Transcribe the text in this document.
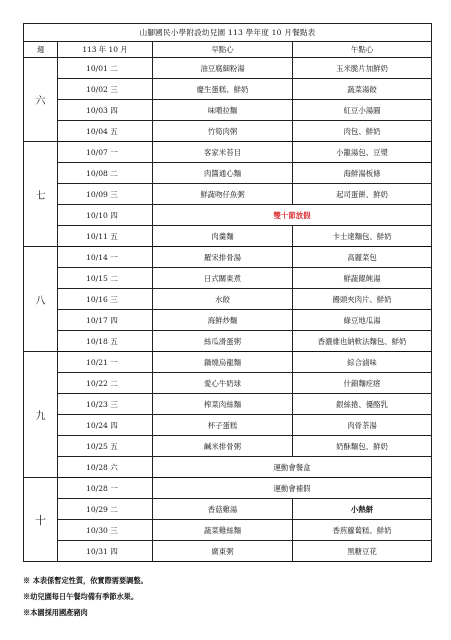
山腳國民小學附設幼兒園 113 學年度 10 月餐點表			
週	113 年 10 月	早點心	午點心
六	10/01 二	油豆腐細粉湯	玉米脆片加鮮奶
	10/02 三	慶生蛋糕、鮮奶	蔬菜湯餃
	10/03 四	味噌拉麵	紅豆小湯圓
	10/04 五	竹筍肉粥	肉包、鮮奶
七	10/07 一	客家米苔目	小籠湯包、豆漿
	10/08 二	肉醬通心麵	海鮮湯板條
	10/09 三	鮮蔬吻仔魚粥	起司蛋餅、鮮奶
	10/10 四	雙十節放假	
	10/11 五	肉羹麵	卡士達麵包、鮮奶
八	10/14 一	羅宋排骨湯	高麗菜包
	10/15 二	日式關東煮	鮮蔬餛飩湯
	10/16 三	水餃	饅頭夾肉片、鮮奶
	10/17 四	海鮮炒麵	綠豆地瓜湯
	10/18 五	絲瓜滑蛋粥	香濃維也納軟法麵包、鮮奶
九	10/21 一	鍋燒烏龍麵	綜合滷味
	10/22 二	愛心牛奶球	什錦麵疙瘩
	10/23 三	榨菜肉絲麵	銀絲捲、優酪乳
	10/24 四	杯子蛋糕	肉骨茶湯
	10/25 五	鹹米排骨粥	奶酥麵包、鮮奶
	10/28 六	運動會餐盒	
十	10/28 一	運動會補假	
	10/29 二	香菇雞湯	小熱餅
	10/30 三	蔬菜雞絲麵	香煎蘿蔔糕、鮮奶
	10/31 四	廣東粥	黑糖豆花
※ 本表係暫定性質，依實際需要調整。
※幼兒園每日午餐均備有季節水果。
※本園採用國產豬肉
